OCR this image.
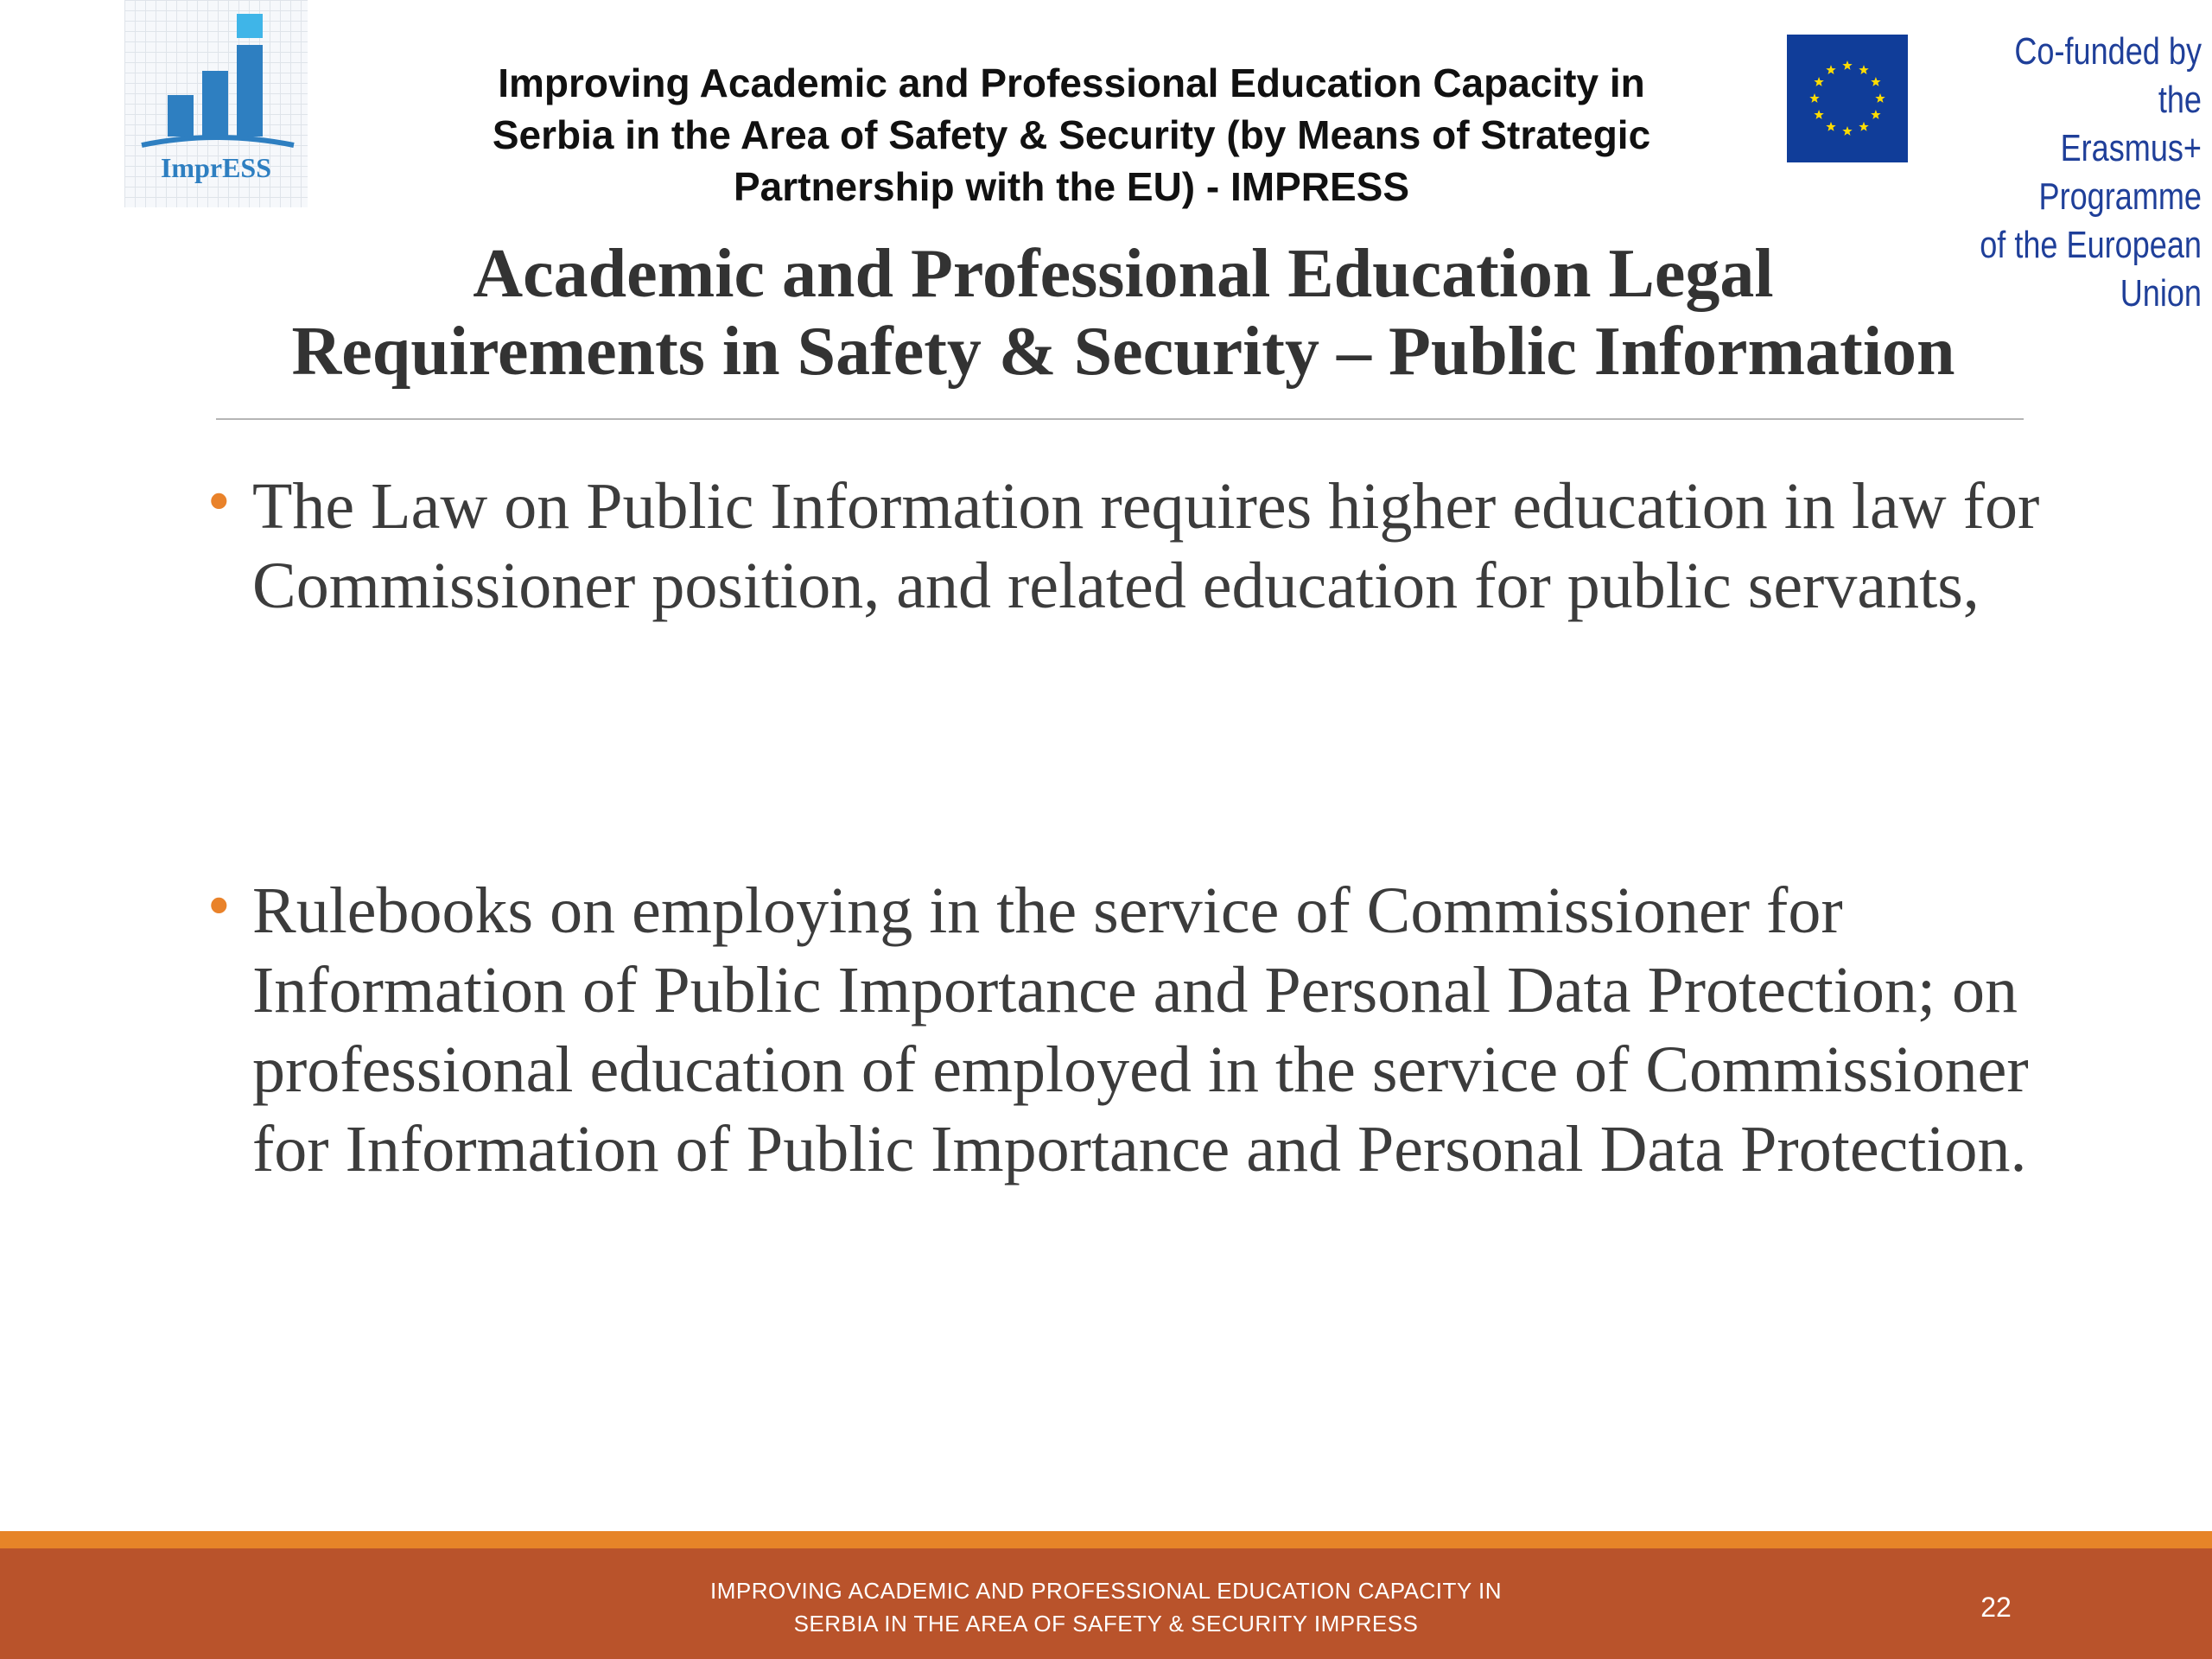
ImprESS
Improving Academic and Professional Education Capacity in
Serbia in the Area of Safety & Security (by Means of Strategic
Partnership with the EU) - IMPRESS
Co-funded by the
Erasmus+ Programme
of the European Union
Academic and Professional Education Legal
Requirements in Safety & Security – Public Information
• The Law on Public Information requires higher education in law for Commissioner position, and related education for public servants,
• Rulebooks on employing in the service of Commissioner for Information of Public Importance and Personal Data Protection; on professional education of employed in the service of Commissioner for Information of Public Importance and Personal Data Protection.
IMPROVING ACADEMIC AND PROFESSIONAL EDUCATION CAPACITY IN
SERBIA IN THE AREA OF SAFETY & SECURITY IMPRESS
22
